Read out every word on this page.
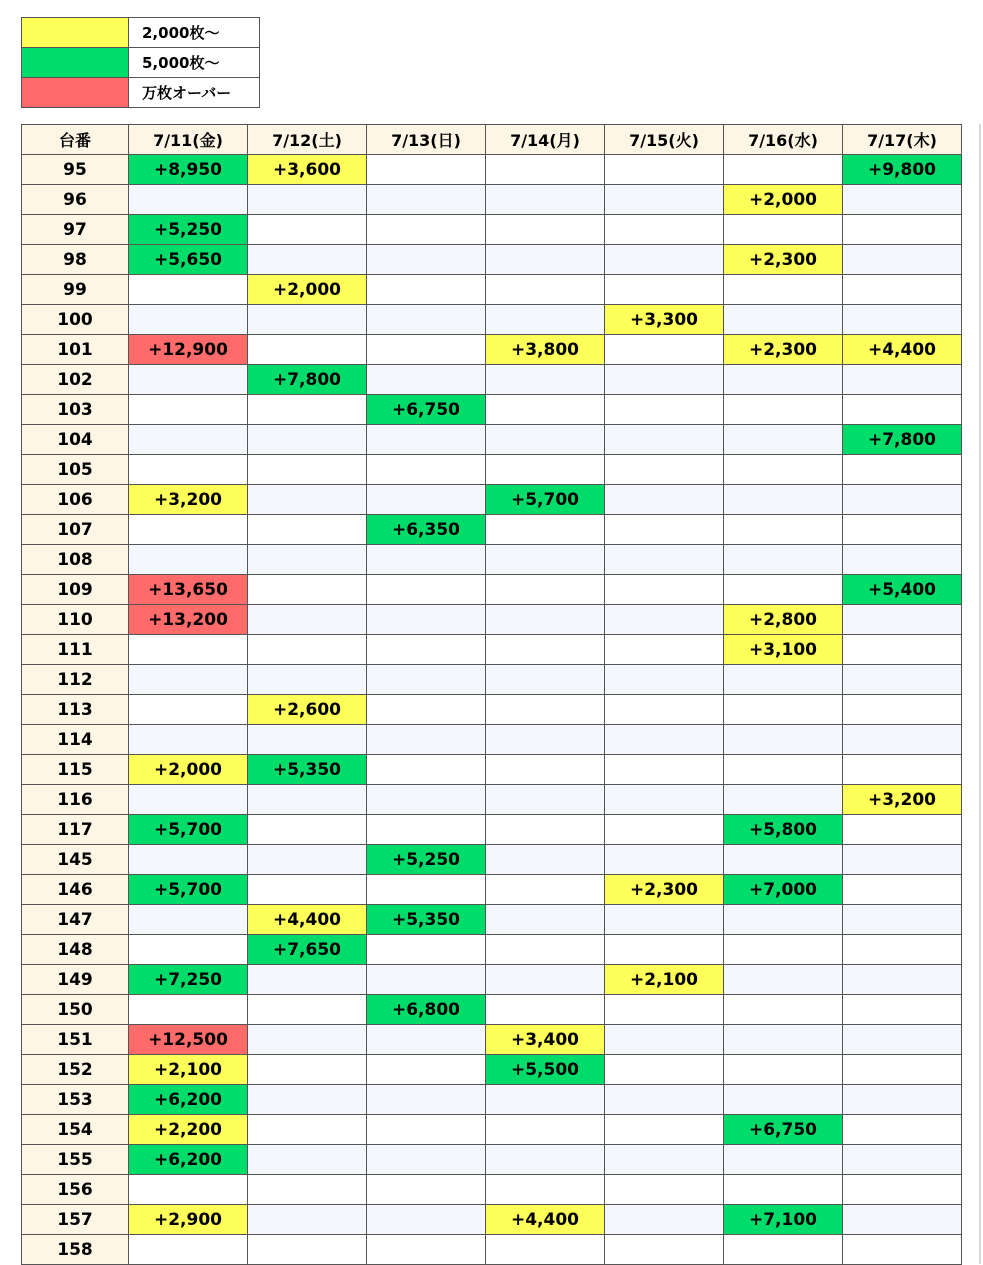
	2,000枚～
	5,000枚～
	万枚オーバー
台番	7/11(金)	7/12(土)	7/13(日)	7/14(月)	7/15(火)	7/16(水)	7/17(木)
95	+8,950	+3,600					+9,800
96						+2,000	
97	+5,250						
98	+5,650					+2,300	
99		+2,000					
100					+3,300		
101	+12,900			+3,800		+2,300	+4,400
102		+7,800					
103			+6,750				
104							+7,800
105							
106	+3,200			+5,700			
107			+6,350				
108							
109	+13,650						+5,400
110	+13,200					+2,800	
111						+3,100	
112							
113		+2,600					
114							
115	+2,000	+5,350					
116							+3,200
117	+5,700					+5,800	
145			+5,250				
146	+5,700				+2,300	+7,000	
147		+4,400	+5,350				
148		+7,650					
149	+7,250				+2,100		
150			+6,800				
151	+12,500			+3,400			
152	+2,100			+5,500			
153	+6,200						
154	+2,200					+6,750	
155	+6,200						
156							
157	+2,900			+4,400		+7,100	
158							
